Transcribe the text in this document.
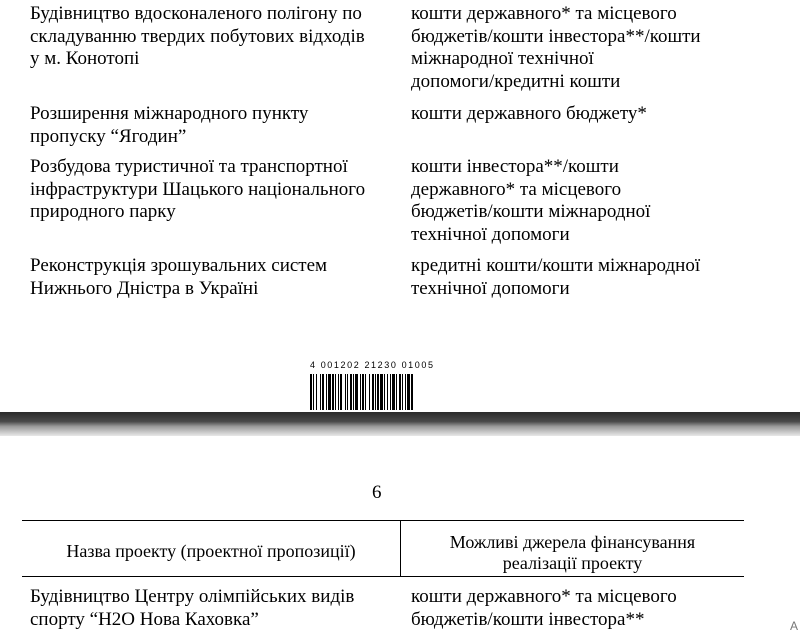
Будівництво вдосконаленого полігону по
складуванню твердих побутових відходів
у м. Конотопі
кошти державного* та місцевого
бюджетів/кошти інвестора**/кошти
міжнародної технічної
допомоги/кредитні кошти
Розширення міжнародного пункту
пропуску “Ягодин”
кошти державного бюджету*
Розбудова туристичної та транспортної
інфраструктури Шацького національного
природного парку
кошти інвестора**/кошти
державного* та місцевого
бюджетів/кошти міжнародної
технічної допомоги
Реконструкція зрошувальних систем
Нижнього Дністра в Україні
кредитні кошти/кошти міжнародної
технічної допомоги
4 001202 21230 01005
6
Назва проекту (проектної пропозиції)	Можливі джерела фінансування
реалізації проекту
Будівництво Центру олімпійських видів
спорту “H2O Нова Каховка”
кошти державного* та місцевого
бюджетів/кошти інвестора**	A
